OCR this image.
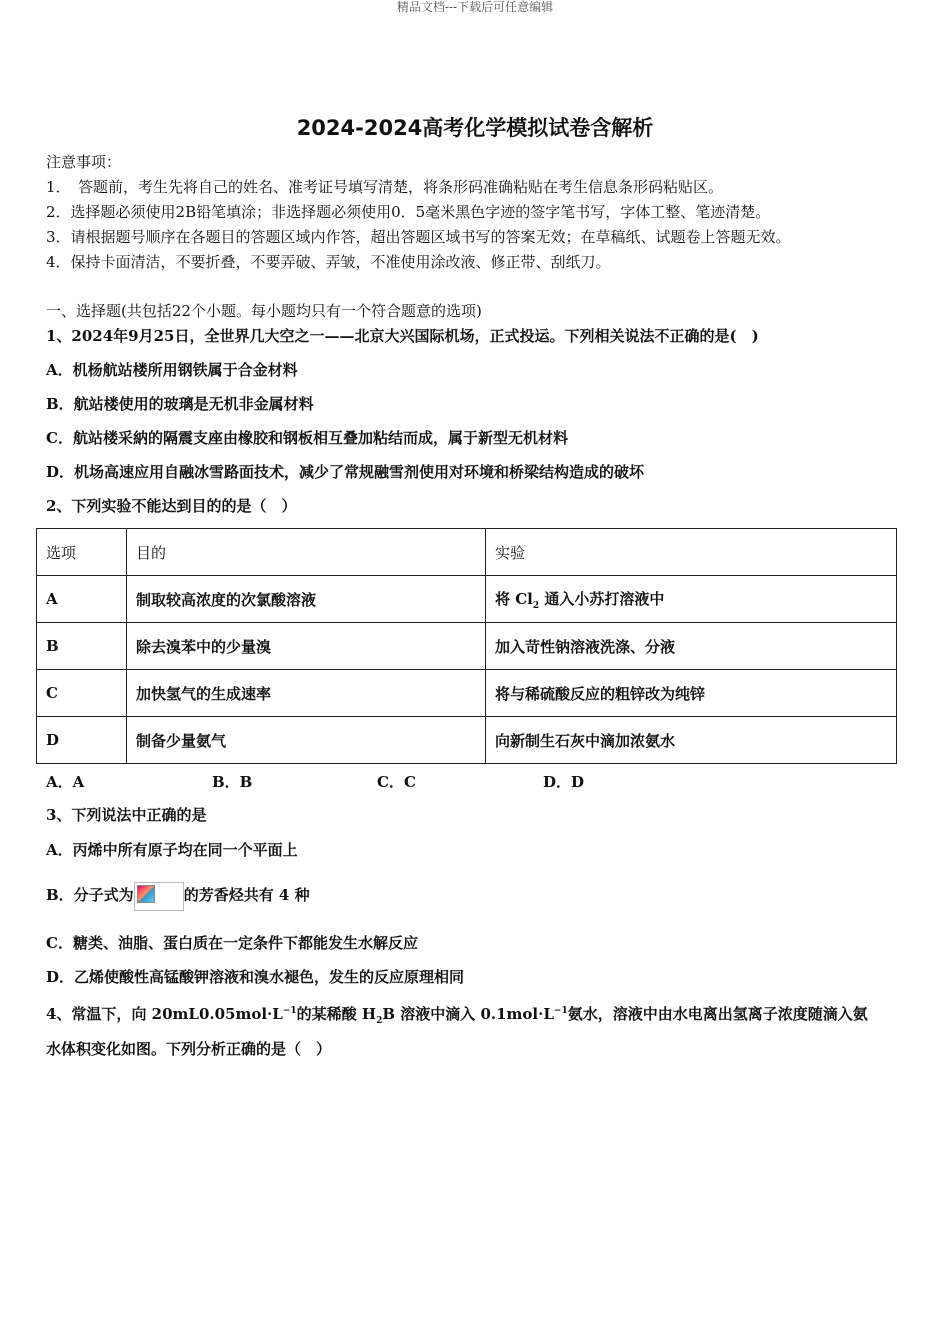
精品文档---下载后可任意编辑
2024-2024高考化学模拟试卷含解析
注意事项：
1．　答题前，考生先将自己的姓名、准考证号填写清楚，将条形码准确粘贴在考生信息条形码粘贴区。
2．选择题必须使用2B铅笔填涂；非选择题必须使用0．5毫米黑色字迹的签字笔书写，字体工整、笔迹清楚。
3．请根据题号顺序在各题目的答题区域内作答，超出答题区域书写的答案无效；在草稿纸、试题卷上答题无效。
4．保持卡面清洁，不要折叠，不要弄破、弄皱，不准使用涂改液、修正带、刮纸刀。
一、选择题(共包括22个小题。每小题均只有一个符合题意的选项)
1、2024年9月25日，全世界几大空之一——北京大兴国际机场，正式投运。下列相关说法不正确的是(　)
A．机杨航站楼所用钢铁属于合金材料
B．航站楼使用的玻璃是无机非金属材料
C．航站楼采納的隔震支座由橡胶和钢板相互叠加粘结而成，属于新型无机材料
D．机场高速应用自融冰雪路面技术，减少了常规融雪剂使用对环境和桥梁结构造成的破坏
2、下列实验不能达到目的的是（　）
选项	目的	实验
A	制取较高浓度的次氯酸溶液	将 $Cl_2$ 通入小苏打溶液中
B	除去溴苯中的少量溴	加入苛性钠溶液洗涤、分液
C	加快氢气的生成速率	将与稀硫酸反应的粗锌改为纯锌
D	制备少量氨气	向新制生石灰中滴加浓氨水
A．A	B．B	C．C	D．D
3、下列说法中正确的是
A．丙烯中所有原子均在同一个平面上
B．分子式为	的芳香烃共有 4 种
C．糖类、油脂、蛋白质在一定条件下都能发生水解反应
D．乙烯使酸性高锰酸钾溶液和溴水褪色，发生的反应原理相同
4、常温下，向 $20mL0.05mol\cdot L^{-1}$的某稀酸 $H_2B$ 溶液中滴入 $0.1mol\cdot L^{-1}$氨水，溶液中由水电离出氢离子浓度随滴入氨
水体积变化如图。下列分析正确的是（　）
